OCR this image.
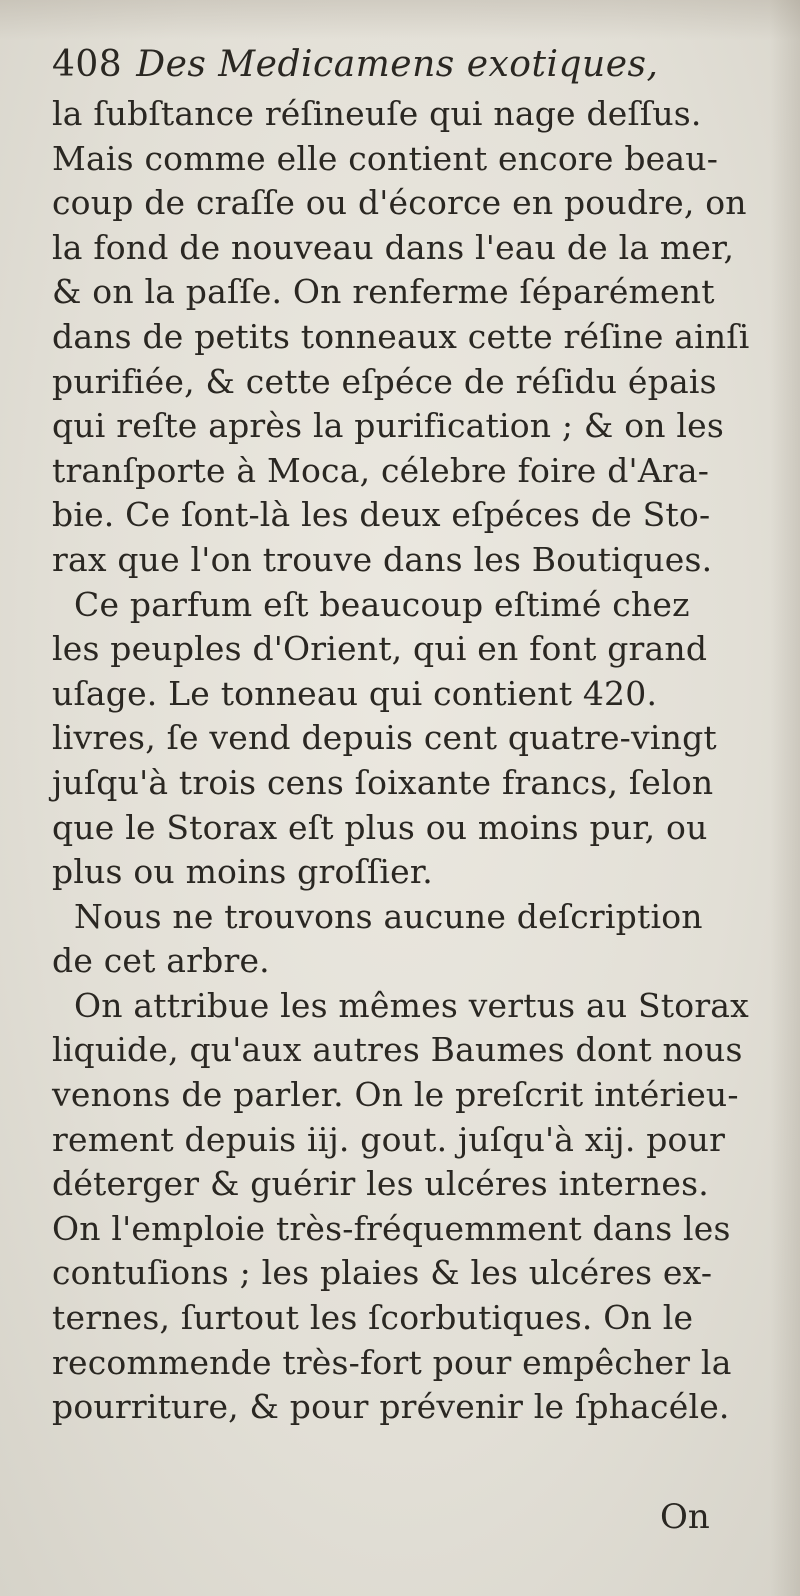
408 Des Medicamens exotiques,
la ſubſtance réſineuſe qui nage deſſus.
Mais comme elle contient encore beau-
coup de craſſe ou d'écorce en poudre, on
la fond de nouveau dans l'eau de la mer,
& on la paſſe. On renferme ſéparément
dans de petits tonneaux cette réſine ainſi
purifiée, & cette eſpéce de réſidu épais
qui reſte après la purification ; & on les
tranſporte à Moca, célebre foire d'Ara-
bie. Ce ſont-là les deux eſpéces de Sto-
rax que l'on trouve dans les Boutiques.
Ce parfum eſt beaucoup eſtimé chez
les peuples d'Orient, qui en font grand
uſage. Le tonneau qui contient 420.
livres, ſe vend depuis cent quatre-vingt
juſqu'à trois cens ſoixante francs, ſelon
que le Storax eſt plus ou moins pur, ou
plus ou moins groſſier.
Nous ne trouvons aucune deſcription
de cet arbre.
On attribue les mêmes vertus au Storax
liquide, qu'aux autres Baumes dont nous
venons de parler. On le preſcrit intérieu-
rement depuis iij. gout. juſqu'à xij. pour
déterger & guérir les ulcéres internes.
On l'emploie très-fréquemment dans les
contuſions ; les plaies & les ulcéres ex-
ternes, ſurtout les ſcorbutiques. On le
recommende très-fort pour empêcher la
pourriture, & pour prévenir le ſphacéle.
On
